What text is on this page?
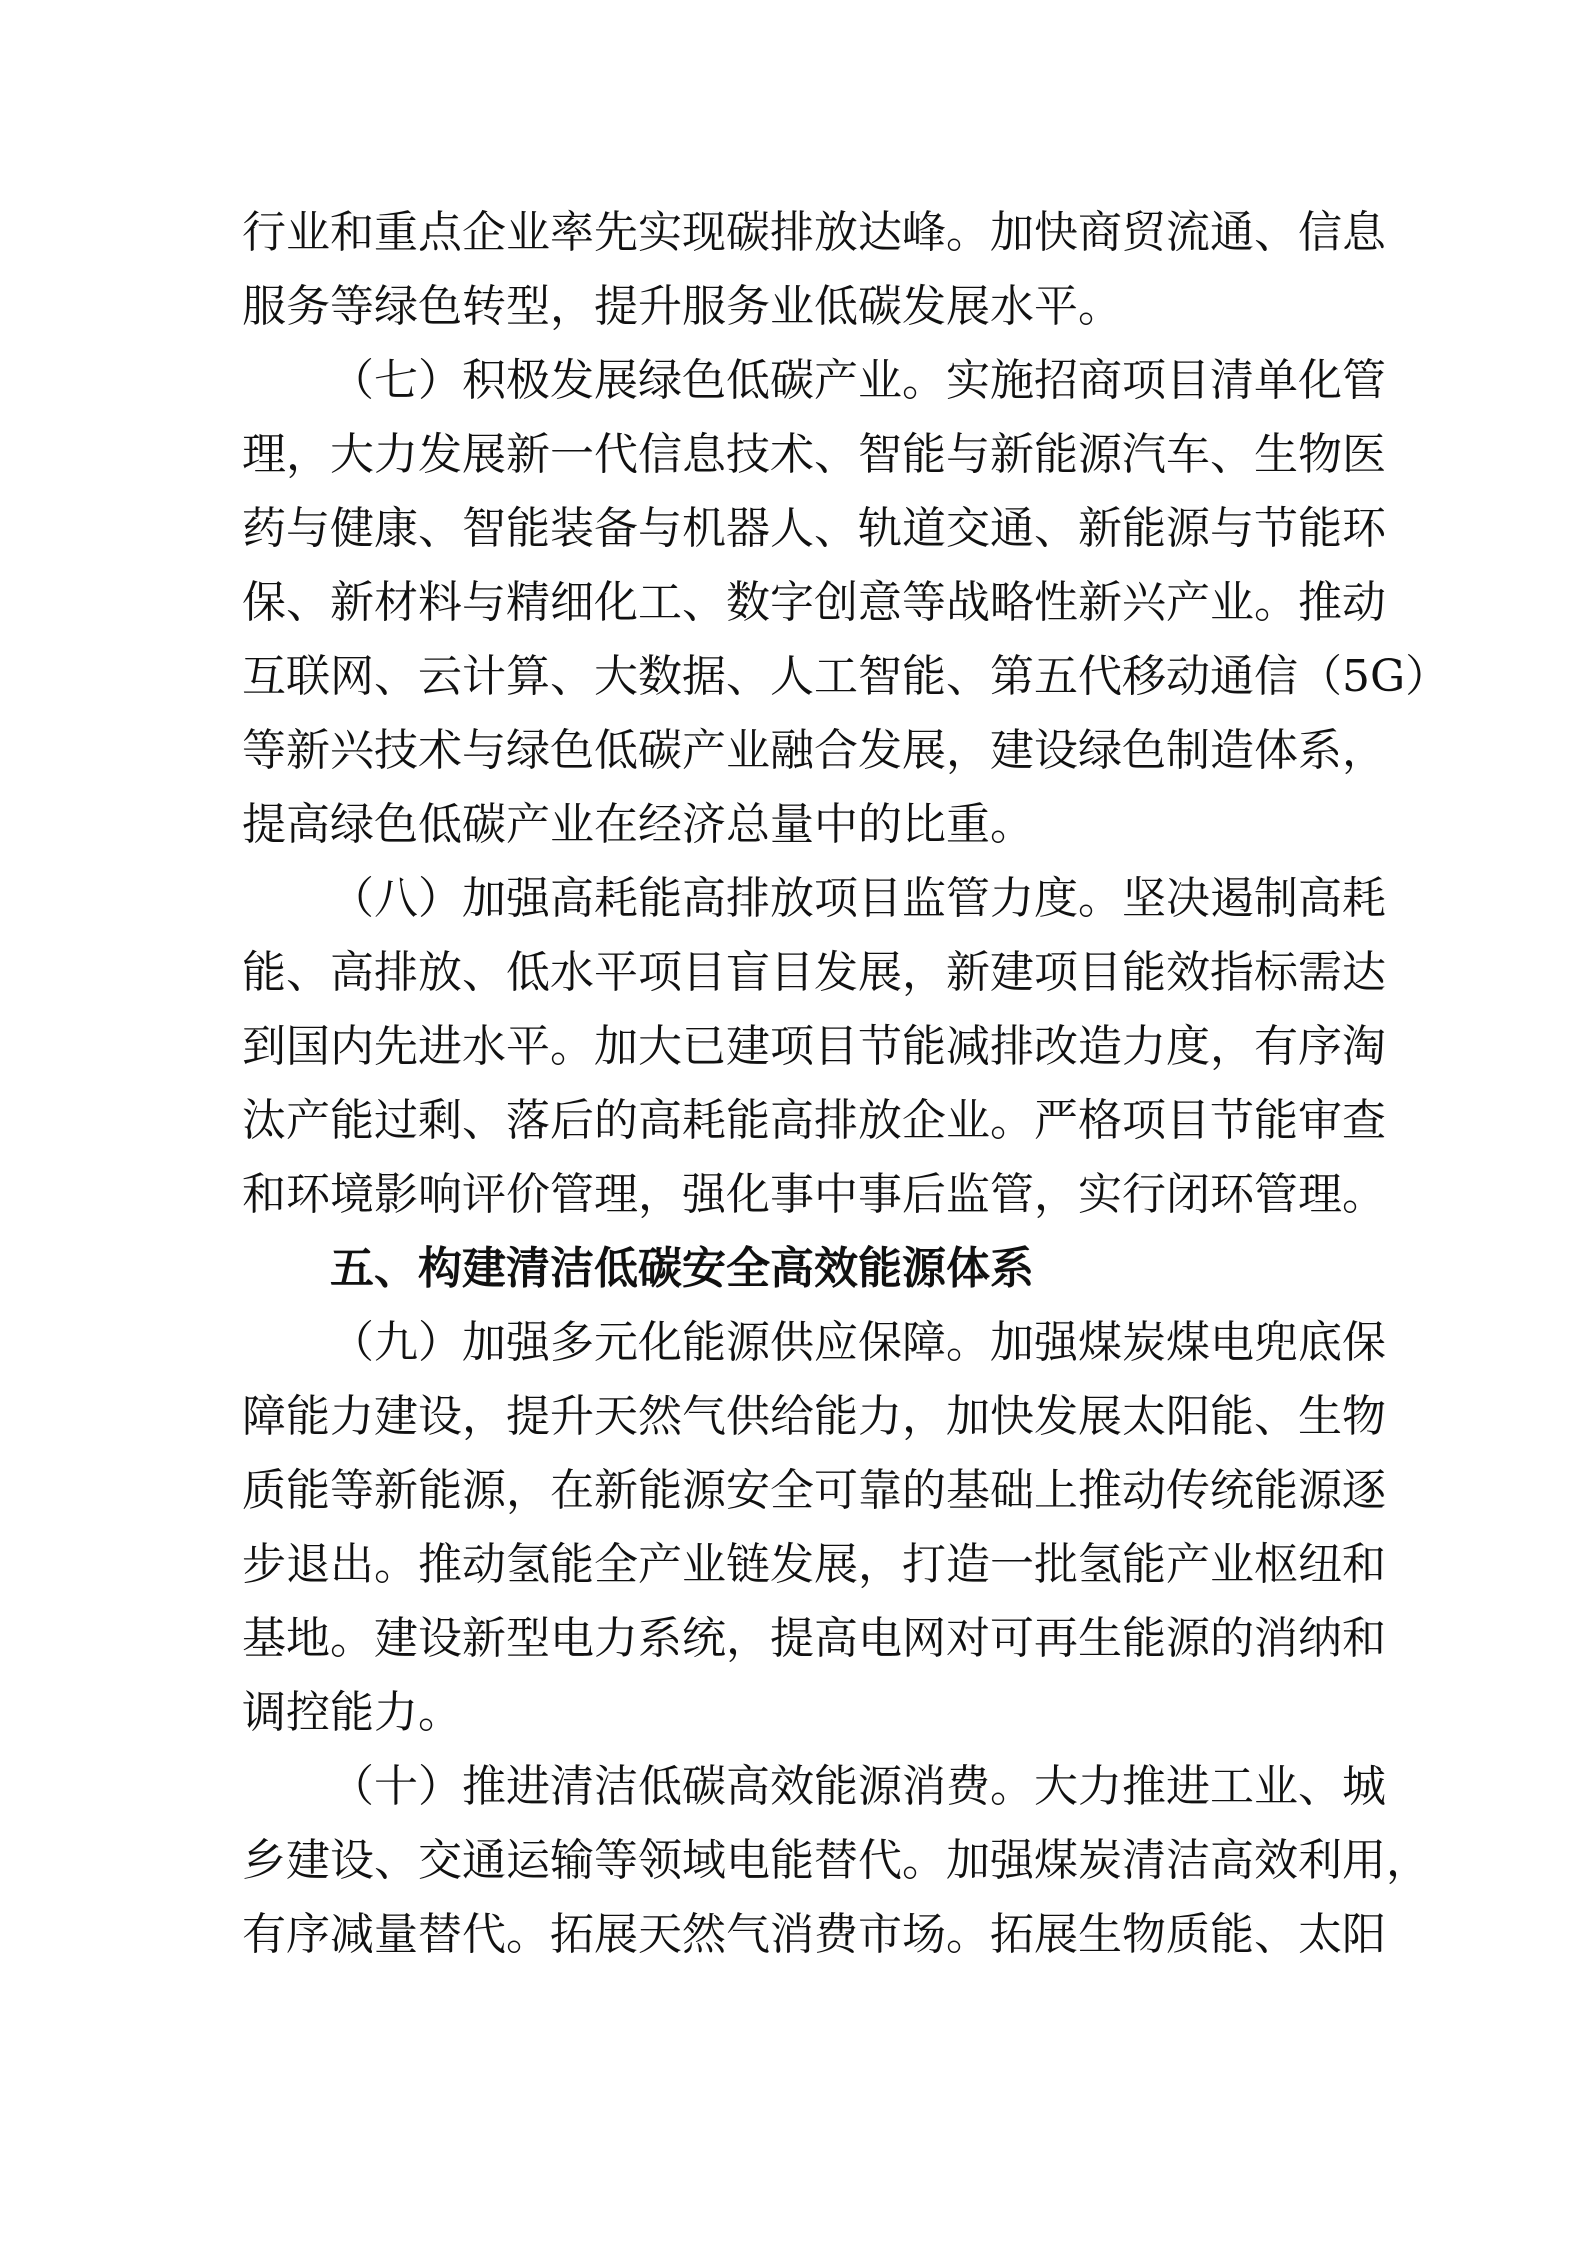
行业和重点企业率先实现碳排放达峰。加快商贸流通、信息
服务等绿色转型，提升服务业低碳发展水平。
（七）积极发展绿色低碳产业。实施招商项目清单化管
理，大力发展新一代信息技术、智能与新能源汽车、生物医
药与健康、智能装备与机器人、轨道交通、新能源与节能环
保、新材料与精细化工、数字创意等战略性新兴产业。推动
互联网、云计算、大数据、人工智能、第五代移动通信（5G）
等新兴技术与绿色低碳产业融合发展，建设绿色制造体系，
提高绿色低碳产业在经济总量中的比重。
（八）加强高耗能高排放项目监管力度。坚决遏制高耗
能、高排放、低水平项目盲目发展，新建项目能效指标需达
到国内先进水平。加大已建项目节能减排改造力度，有序淘
汰产能过剩、落后的高耗能高排放企业。严格项目节能审查
和环境影响评价管理，强化事中事后监管，实行闭环管理。
五、构建清洁低碳安全高效能源体系
（九）加强多元化能源供应保障。加强煤炭煤电兜底保
障能力建设，提升天然气供给能力，加快发展太阳能、生物
质能等新能源，在新能源安全可靠的基础上推动传统能源逐
步退出。推动氢能全产业链发展，打造一批氢能产业枢纽和
基地。建设新型电力系统，提高电网对可再生能源的消纳和
调控能力。
（十）推进清洁低碳高效能源消费。大力推进工业、城
乡建设、交通运输等领域电能替代。加强煤炭清洁高效利用，
有序减量替代。拓展天然气消费市场。拓展生物质能、太阳
